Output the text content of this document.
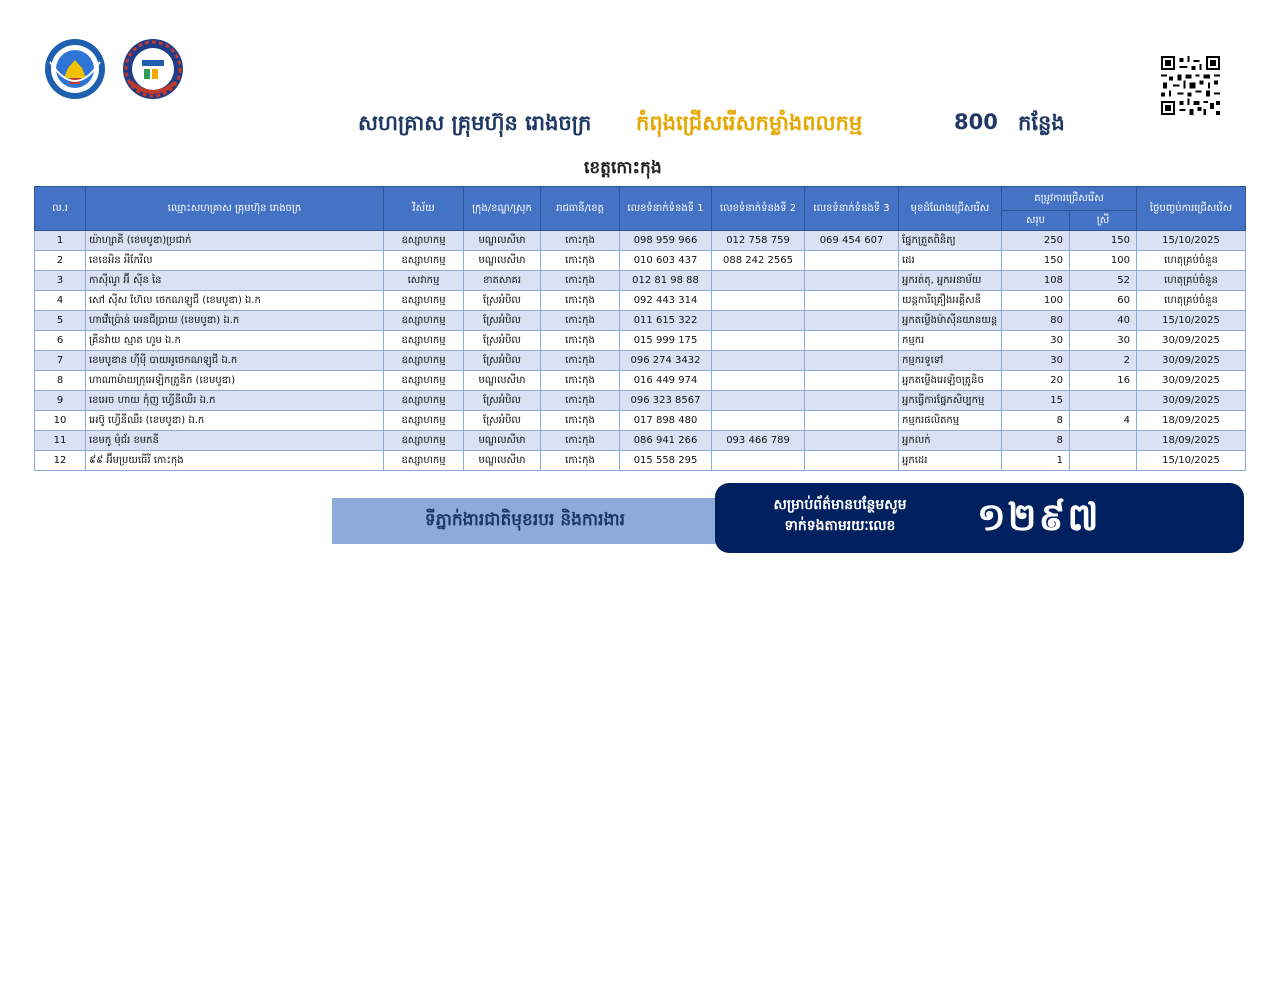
សហគ្រាស គ្រុមហ៊ុន រោងចក្រ កំពុងជ្រើសរើសកម្លាំងពលកម្ម	800 កន្លែង
ខេត្តកោះកុង
ល.រ	ឈ្មោះសហគ្រាស គ្រុមហ៊ុន រោងចក្រ	វិស័យ	ក្រុង/ខណ្ឌ/ស្រុក	រាជធានី/ខេត្ត	លេខទំនាក់ទំនងទី 1	លេខទំនាក់ទំនងទី 2	លេខទំនាក់ទំនងទី 3	មុខដំណែងជ្រើសរើស	តម្រូវការជ្រើសរើស		ថ្ងៃបញ្ចប់ការជ្រើសរើស
									សរុប	ស្រី	
1	យ៉ាហ្សាគី (ខេមបូឌា)ប្រជាក់	ឧស្សាហកម្ម	មណ្ឌលសីមា	កោះកុង	098 959 966	012 758 759	069 454 607	ផ្នែកត្រួតពិនិត្យ	250	150	15/10/2025
2	ខេខេអិន អឹកែរីល	ឧស្សាហកម្ម	មណ្ឌលសីមា	កោះកុង	010 603 437	088 242 2565		ដេរ	150	100	ហេតុគ្រប់ចំនួន
3	កាស៊ីណូ អ៊ី ស៊ីន នៃ	សេវាកម្ម	ខាតសាគរ	កោះកុង	012 81 98 88			អ្នករត់តុ, អ្នកអនាម័យ	108	52	ហេតុគ្រប់ចំនួន
4	សៅ ស៊ីស ហ៊ែល ថេកណឡូជី (ខេមបូឌា) ឯ.ក	ឧស្សាហកម្ម	ស្រែអំបិល	កោះកុង	092 443 314			យន្តការីគ្រឿងអគ្គីសនី	100	60	ហេតុគ្រប់ចំនួន
5	ហាវើប្រ៉ោន់ អេនជីប្រាយ (ខេមបូឌា) ឯ.ក	ឧស្សាហកម្ម	ស្រែអំបិល	កោះកុង	011 615 322			អ្នកតម្លើងម៉ាស៊ីនយានយន្ត	80	40	15/10/2025
6	គ្រីនវ៉ាយ ស្មាត ហូម ឯ.ក	ឧស្សាហកម្ម	ស្រែអំបិល	កោះកុង	015 999 175			កម្មករ	30	30	30/09/2025
7	ខេមបូឌាន ហ៊ីមុី បាយអូថេកណឡូជី ឯ.ក	ឧស្សាហកម្ម	ស្រែអំបិល	កោះកុង	096 274 3432			កម្មករទូទៅ	30	2	30/09/2025
8	ហាណាម៉ាយក្រុអេឡិកត្រូនិក (ខេមបូឌា)	ឧស្សាហកម្ម	មណ្ឌលសីមា	កោះកុង	016 449 974			អ្នកតម្លើងអេឡិចត្រូនិច	20	16	30/09/2025
9	ខេអេច ហាយ កុំញ ហ្វើនីឈឺរ ឯ.ក	ឧស្សាហកម្ម	ស្រែអំបិល	កោះកុង	096 323 8567			អ្នកធ្វើការផ្នែកសិប្បកម្ម	15		30/09/2025
10	អេប៊ូ ហ្វើនីឈឺរ (ខេមបូឌា) ឯ.ក	ឧស្សាហកម្ម	ស្រែអំបិល	កោះកុង	017 898 480			កម្មករផលិតកម្ម	8	4	18/09/2025
11	ខេមកូ មុំជ័រ ខមភនី	ឧស្សាហកម្ម	មណ្ឌលសីមា	កោះកុង	086 941 266	093 466 789		អ្នកលក់	8		18/09/2025
12	៩៩ អ៊ីមប្រយធើរី កោះកុង	ឧស្សាហកម្ម	មណ្ឌលសីមា	កោះកុង	015 558 295			អ្នកដេរ	1		15/10/2025
ទីភ្នាក់ងារជាតិមុខរបរ និងការងារ
សម្រាប់ព័ត៌មានបន្ថែមសូម
ទាក់ទងតាមរយៈលេខ	១២៩៧
